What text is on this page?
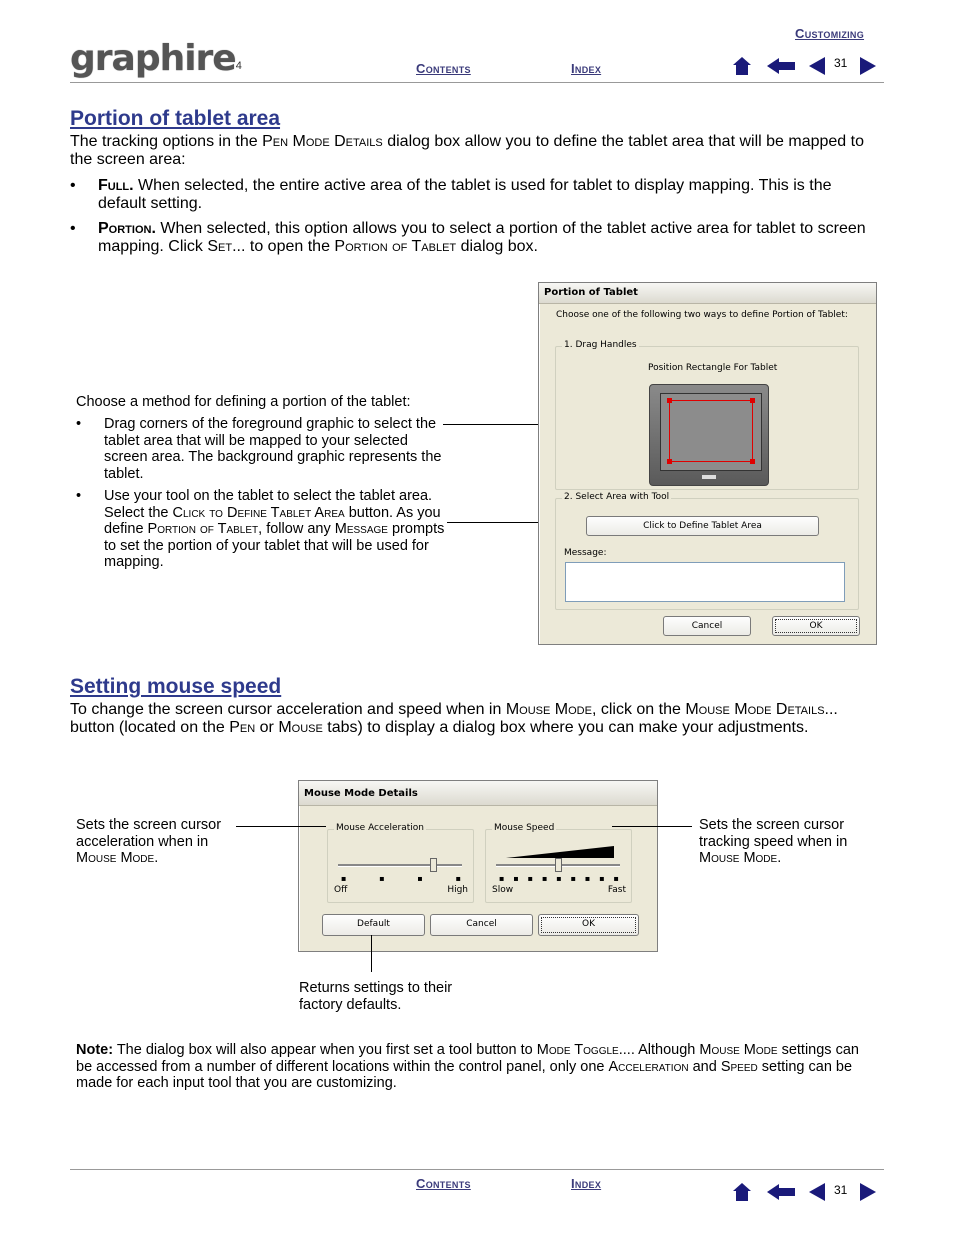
Customizing
graphire$_4$	Contents	Index	31
Portion of tablet area
The tracking options in the Pen Mode Details dialog box allow you to define the tablet area that will be mapped to the screen area:
• Full. When selected, the entire active area of the tablet is used for tablet to display mapping. This is the default setting.
• Portion. When selected, this option allows you to select a portion of the tablet active area for tablet to screen mapping. Click Set... to open the Portion of Tablet dialog box.
Choose a method for defining a portion of the tablet:
• Drag corners of the foreground graphic to select the tablet area that will be mapped to your selected screen area. The background graphic represents the tablet.
• Use your tool on the tablet to select the tablet area. Select the Click to Define Tablet Area button. As you define Portion of Tablet, follow any Message prompts to set the portion of your tablet that will be used for mapping.
Portion of Tablet
Choose one of the following two ways to define Portion of Tablet:
1. Drag Handles
Position Rectangle For Tablet
2. Select Area with Tool
Click to Define Tablet Area
Message:
Cancel	OK
Setting mouse speed
To change the screen cursor acceleration and speed when in Mouse Mode, click on the Mouse Mode Details... button (located on the Pen or Mouse tabs) to display a dialog box where you can make your adjustments.
Mouse Mode Details
Mouse Acceleration
▪	▪	▪	▪
Off	High
Mouse Speed
▪ ▪ ▪ ▪ ▪ ▪ ▪ ▪ ▪
Slow	Fast
Default	Cancel	OK
Sets the screen cursor acceleration when in Mouse Mode.
Sets the screen cursor tracking speed when in Mouse Mode.
Returns settings to their factory defaults.
Note: The dialog box will also appear when you first set a tool button to Mode Toggle.... Although Mouse Mode settings can be accessed from a number of different locations within the control panel, only one Acceleration and Speed setting can be made for each input tool that you are customizing.
Contents	Index	31
